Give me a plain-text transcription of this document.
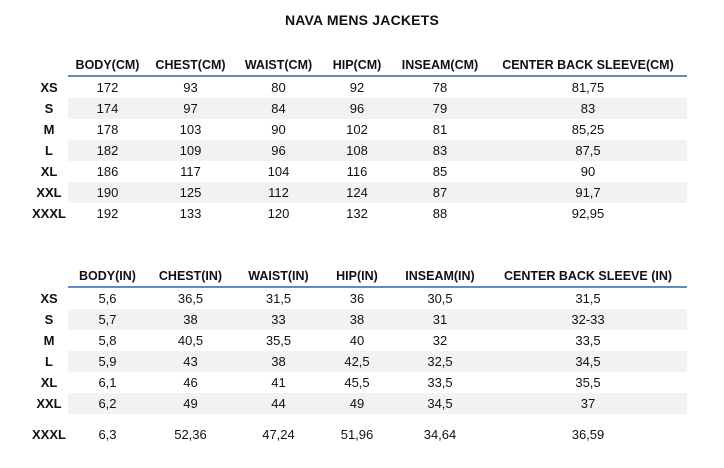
NAVA MENS JACKETS
	BODY(CM)	CHEST(CM)	WAIST(CM)	HIP(CM)	INSEAM(CM)	CENTER BACK SLEEVE(CM)
XS	172	93	80	92	78	81,75
S	174	97	84	96	79	83
M	178	103	90	102	81	85,25
L	182	109	96	108	83	87,5
XL	186	117	104	116	85	90
XXL	190	125	112	124	87	91,7
XXXL	192	133	120	132	88	92,95
	BODY(IN)	CHEST(IN)	WAIST(IN)	HIP(IN)	INSEAM(IN)	CENTER BACK SLEEVE (IN)
XS	5,6	36,5	31,5	36	30,5	31,5
S	5,7	38	33	38	31	32-33
M	5,8	40,5	35,5	40	32	33,5
L	5,9	43	38	42,5	32,5	34,5
XL	6,1	46	41	45,5	33,5	35,5
XXL	6,2	49	44	49	34,5	37
XXXL	6,3	52,36	47,24	51,96	34,64	36,59
